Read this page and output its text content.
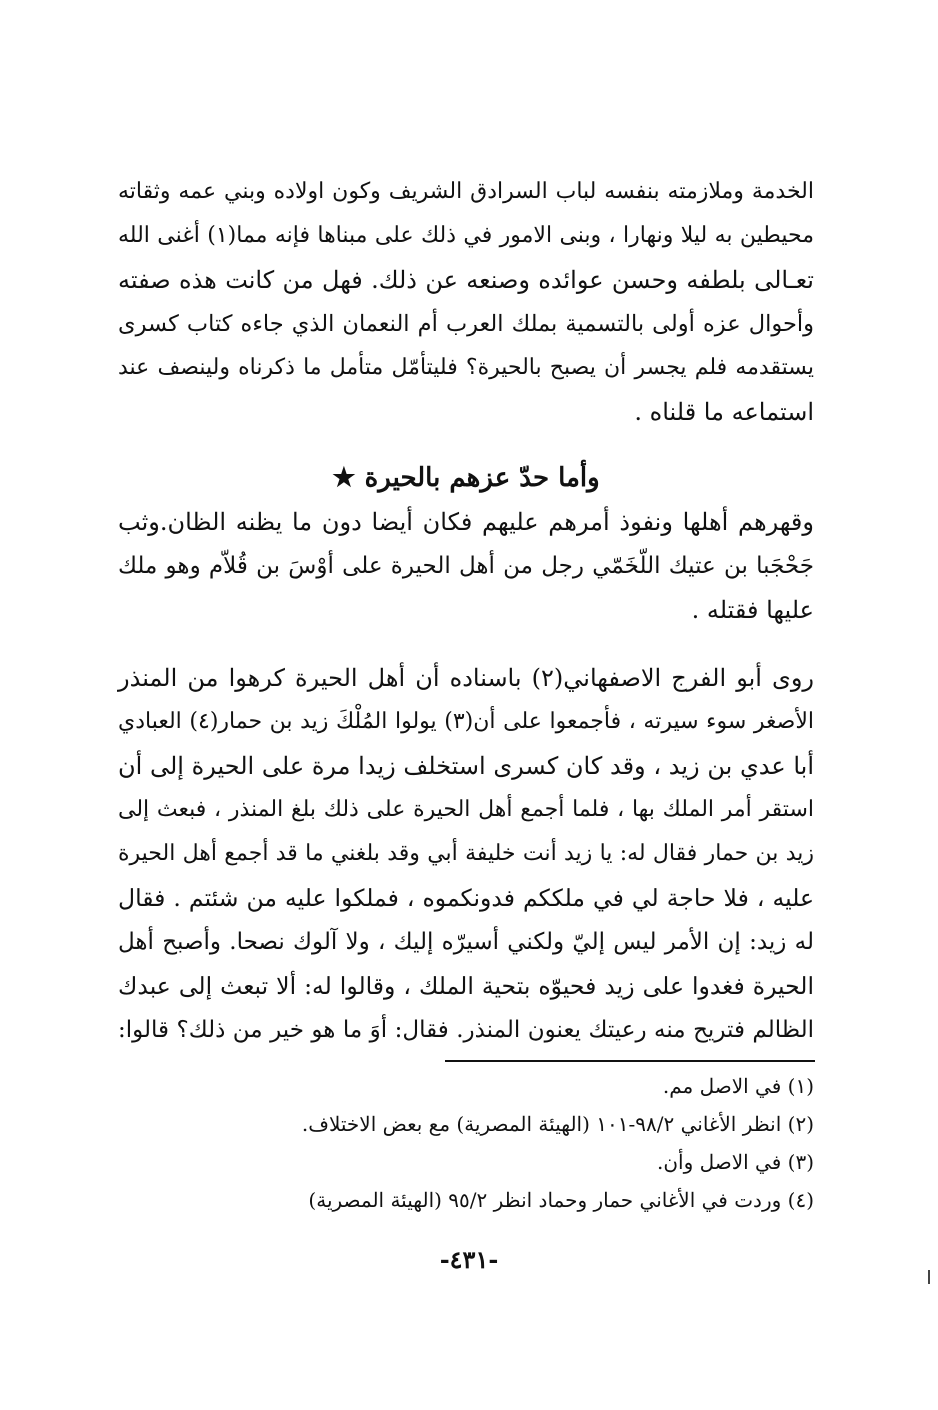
الخدمة وملازمته بنفسه لباب السرادق الشريف وكون اولاده وبني عمه وثقاته
محيطين به ليلا ونهارا ، وبنى الامور في ذلك على مبناها فإنه مما(١) أغنى الله
تعـالى بلطفه وحسن عوائده وصنعه عن ذلك. فهل من كانت هذه صفته
وأحوال عزه أولى بالتسمية بملك العرب أم النعمان الذي جاءه كتاب كسرى
يستقدمه فلم يجسر أن يصبح بالحيرة؟ فليتأمّل متأمل ما ذكرناه ولينصف عند
استماعه ما قلناه .
وأما حدّ عزهم بالحيرة ★
وقهرهم أهلها ونفوذ أمرهم عليهم فكان أيضا دون ما يظنه الظان.وثب
جَحْجَبا بن عتيك اللّخَمّي رجل من أهل الحيرة على أوْسَ بن قُلاّم وهو ملك
عليها فقتله .
روى أبو الفرج الاصفهاني(٢) باسناده أن أهل الحيرة كرهوا من المنذر
الأصغر سوء سيرته ، فأجمعوا على أن(٣) يولوا المُلْكَ زيد بن حمار(٤) العبادي
أبا عدي بن زيد ، وقد كان كسرى استخلف زيدا مرة على الحيرة إلى أن
استقر أمر الملك بها ، فلما أجمع أهل الحيرة على ذلك بلغ المنذر ، فبعث إلى
زيد بن حمار فقال له: يا زيد أنت خليفة أبي وقد بلغني ما قد أجمع أهل الحيرة
عليه ، فلا حاجة لي في ملككم فدونكموه ، فملكوا عليه من شئتم . فقال
له زيد: إن الأمر ليس إليّ ولكني أسيرّه إليك ، ولا آلوك نصحا. وأصبح أهل
الحيرة فغدوا على زيد فحيوّه بتحية الملك ، وقالوا له: ألا تبعث إلى عبدك
الظالم فتريح منه رعيتك يعنون المنذر. فقال: أوَ ما هو خير من ذلك؟ قالوا:
(١) في الاصل مم.
(٢) انظر الأغاني ٩٨/٢-١٠١ (الهيئة المصرية) مع بعض الاختلاف.
(٣) في الاصل وأن.
(٤) وردت في الأغاني حمار وحماد انظر ٩٥/٢ (الهيئة المصرية)
-٤٣١-
